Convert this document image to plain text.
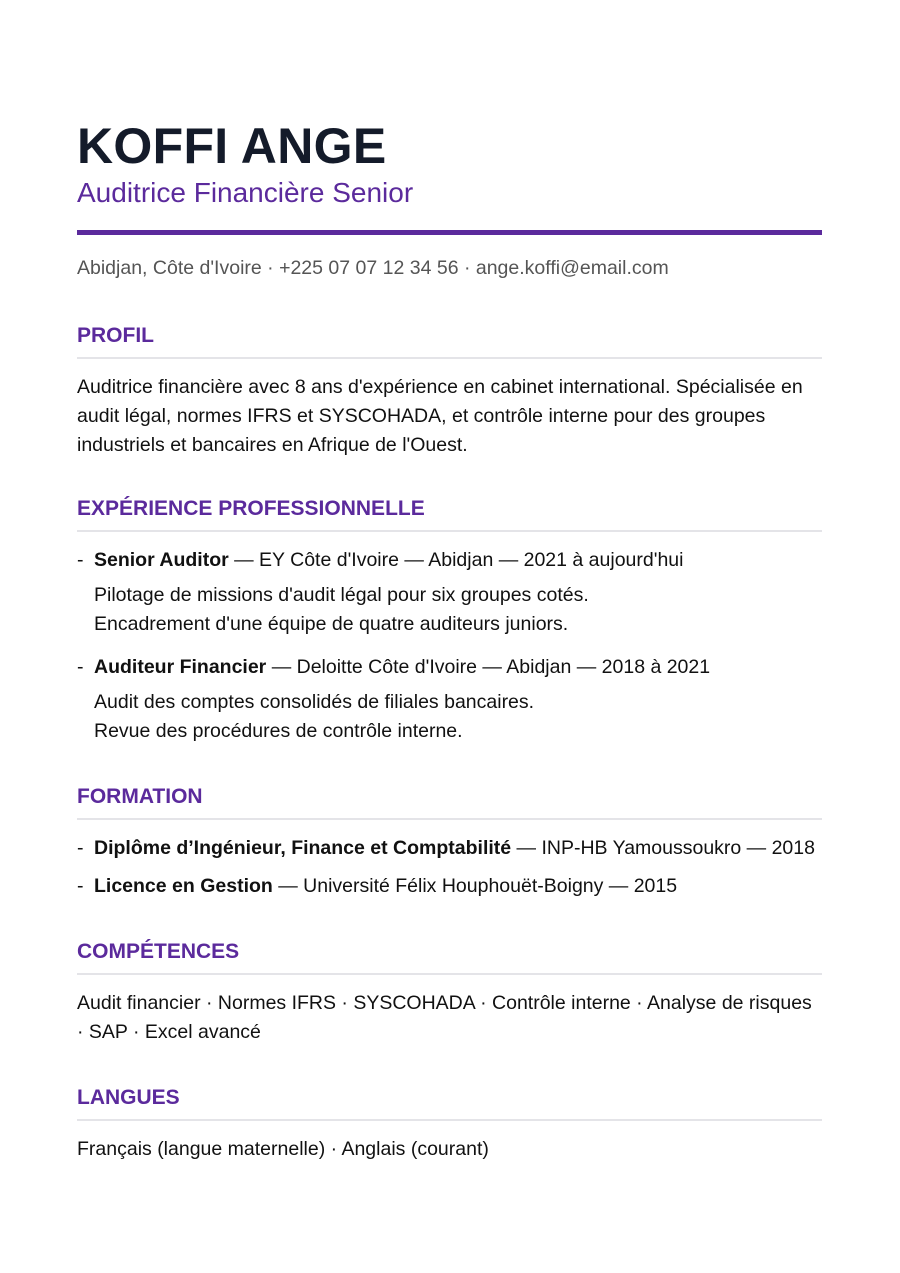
KOFFI ANGE
Auditrice Financière Senior
Abidjan, Côte d'Ivoire · +225 07 07 12 34 56 · ange.koffi@email.com
PROFIL
Auditrice financière avec 8 ans d'expérience en cabinet international. Spécialisée en audit légal, normes IFRS et SYSCOHADA, et contrôle interne pour des groupes industriels et bancaires en Afrique de l'Ouest.
EXPÉRIENCE PROFESSIONNELLE
- Senior Auditor — EY Côte d'Ivoire — Abidjan — 2021 à aujourd'hui
Pilotage de missions d'audit légal pour six groupes cotés.
Encadrement d'une équipe de quatre auditeurs juniors.
- Auditeur Financier — Deloitte Côte d'Ivoire — Abidjan — 2018 à 2021
Audit des comptes consolidés de filiales bancaires.
Revue des procédures de contrôle interne.
FORMATION
- Diplôme d’Ingénieur, Finance et Comptabilité — INP-HB Yamoussoukro — 2018
- Licence en Gestion — Université Félix Houphouët-Boigny — 2015
COMPÉTENCES
Audit financier · Normes IFRS · SYSCOHADA · Contrôle interne · Analyse de risques · SAP · Excel avancé
LANGUES
Français (langue maternelle) · Anglais (courant)
